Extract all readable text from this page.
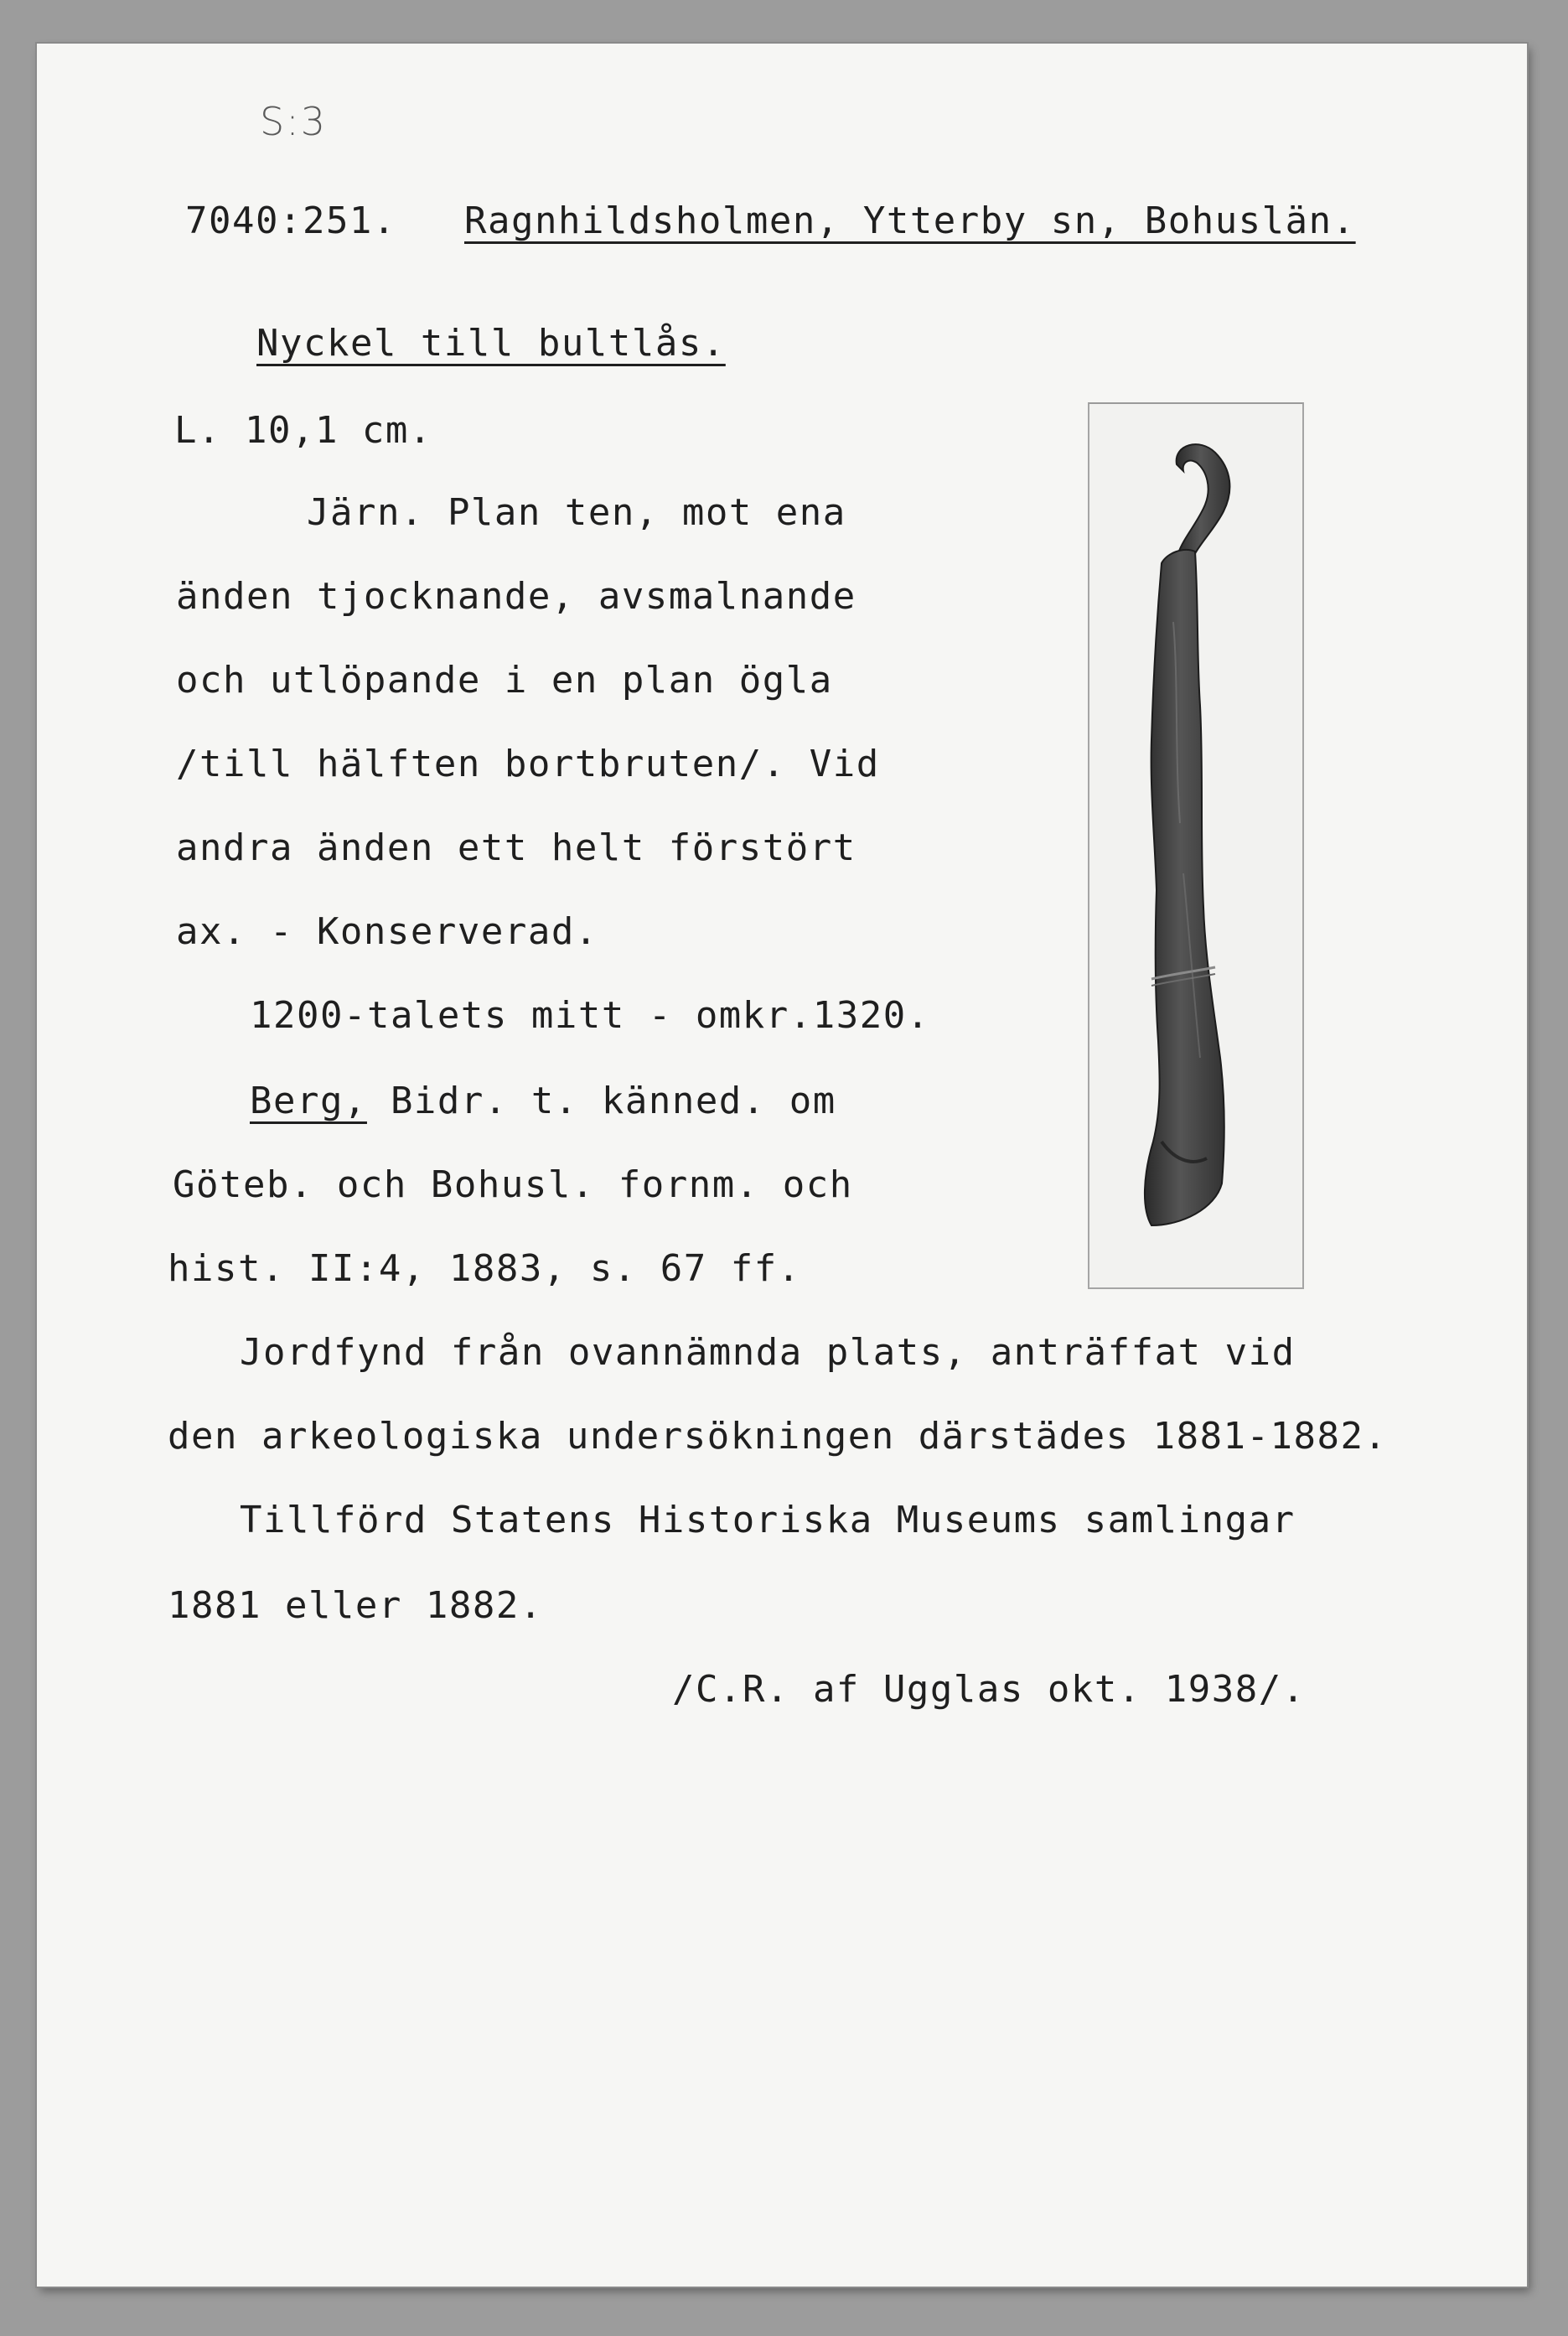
S:3
7040:251. Ragnhildsholmen, Ytterby sn, Bohuslän.
Nyckel till bultlås.
L. 10,1 cm.
Järn. Plan ten, mot ena
änden tjocknande, avsmalnande
och utlöpande i en plan ögla
/till hälften bortbruten/. Vid
andra änden ett helt förstört
ax. - Konserverad.
1200-talets mitt - omkr.1320.
Berg, Bidr. t. känned. om
Göteb. och Bohusl. fornm. och
hist. II:4, 1883, s. 67 ff.
Jordfynd från ovannämnda plats, anträffat vid
den arkeologiska undersökningen därstädes 1881-1882.
Tillförd Statens Historiska Museums samlingar
1881 eller 1882.
/C.R. af Ugglas okt. 1938/.
